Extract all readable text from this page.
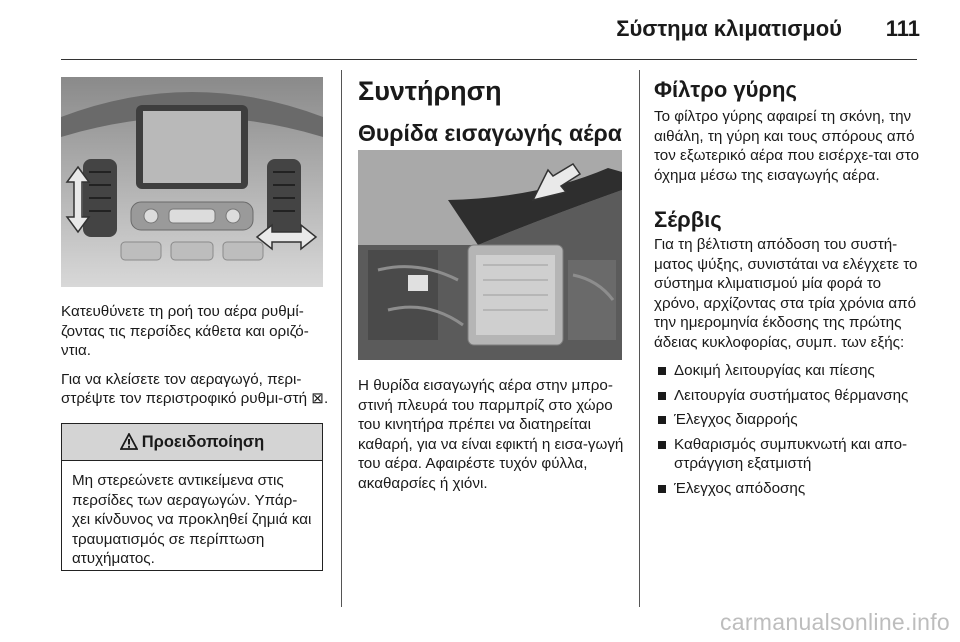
Σύστημα κλιματισμού 111

Κατευθύνετε τη ροή του αέρα ρυθμί-ζοντας τις περσίδες κάθετα και οριζό-ντια.

Για να κλείσετε τον αεραγωγό, περι-στρέψτε τον περιστροφικό ρυθμι-στή ⊠.

Προειδοποίηση
Μη στερεώνετε αντικείμενα στις περσίδες των αεραγωγών. Υπάρ-χει κίνδυνος να προκληθεί ζημιά και τραυματισμός σε περίπτωση ατυχήματος.
Συντήρηση
Θυρίδα εισαγωγής αέρα
Η θυρίδα εισαγωγής αέρα στην μπρο-στινή πλευρά του παρμπρίζ στο χώρο του κινητήρα πρέπει να διατηρείται καθαρή, για να είναι εφικτή η εισα-γωγή του αέρα. Αφαιρέστε τυχόν φύλλα, ακαθαρσίες ή χιόνι.
Φίλτρο γύρης

Το φίλτρο γύρης αφαιρεί τη σκόνη, την αιθάλη, τη γύρη και τους σπόρους από τον εξωτερικό αέρα που εισέρχε-ται στο όχημα μέσω της εισαγωγής αέρα.

Σέρβις

Για τη βέλτιστη απόδοση του συστή-ματος ψύξης, συνιστάται να ελέγχετε το σύστημα κλιματισμού μία φορά το χρόνο, αρχίζοντας στα τρία χρόνια από την ημερομηνία έκδοσης της πρώτης άδειας κυκλοφορίας, συμπ. των εξής:

Δοκιμή λειτουργίας και πίεσης
Λειτουργία συστήματος θέρμανσης
Έλεγχος διαρροής
Καθαρισμός συμπυκνωτή και απο-στράγγιση εξατμιστή
Έλεγχος απόδοσης
carmanualsonline.info
